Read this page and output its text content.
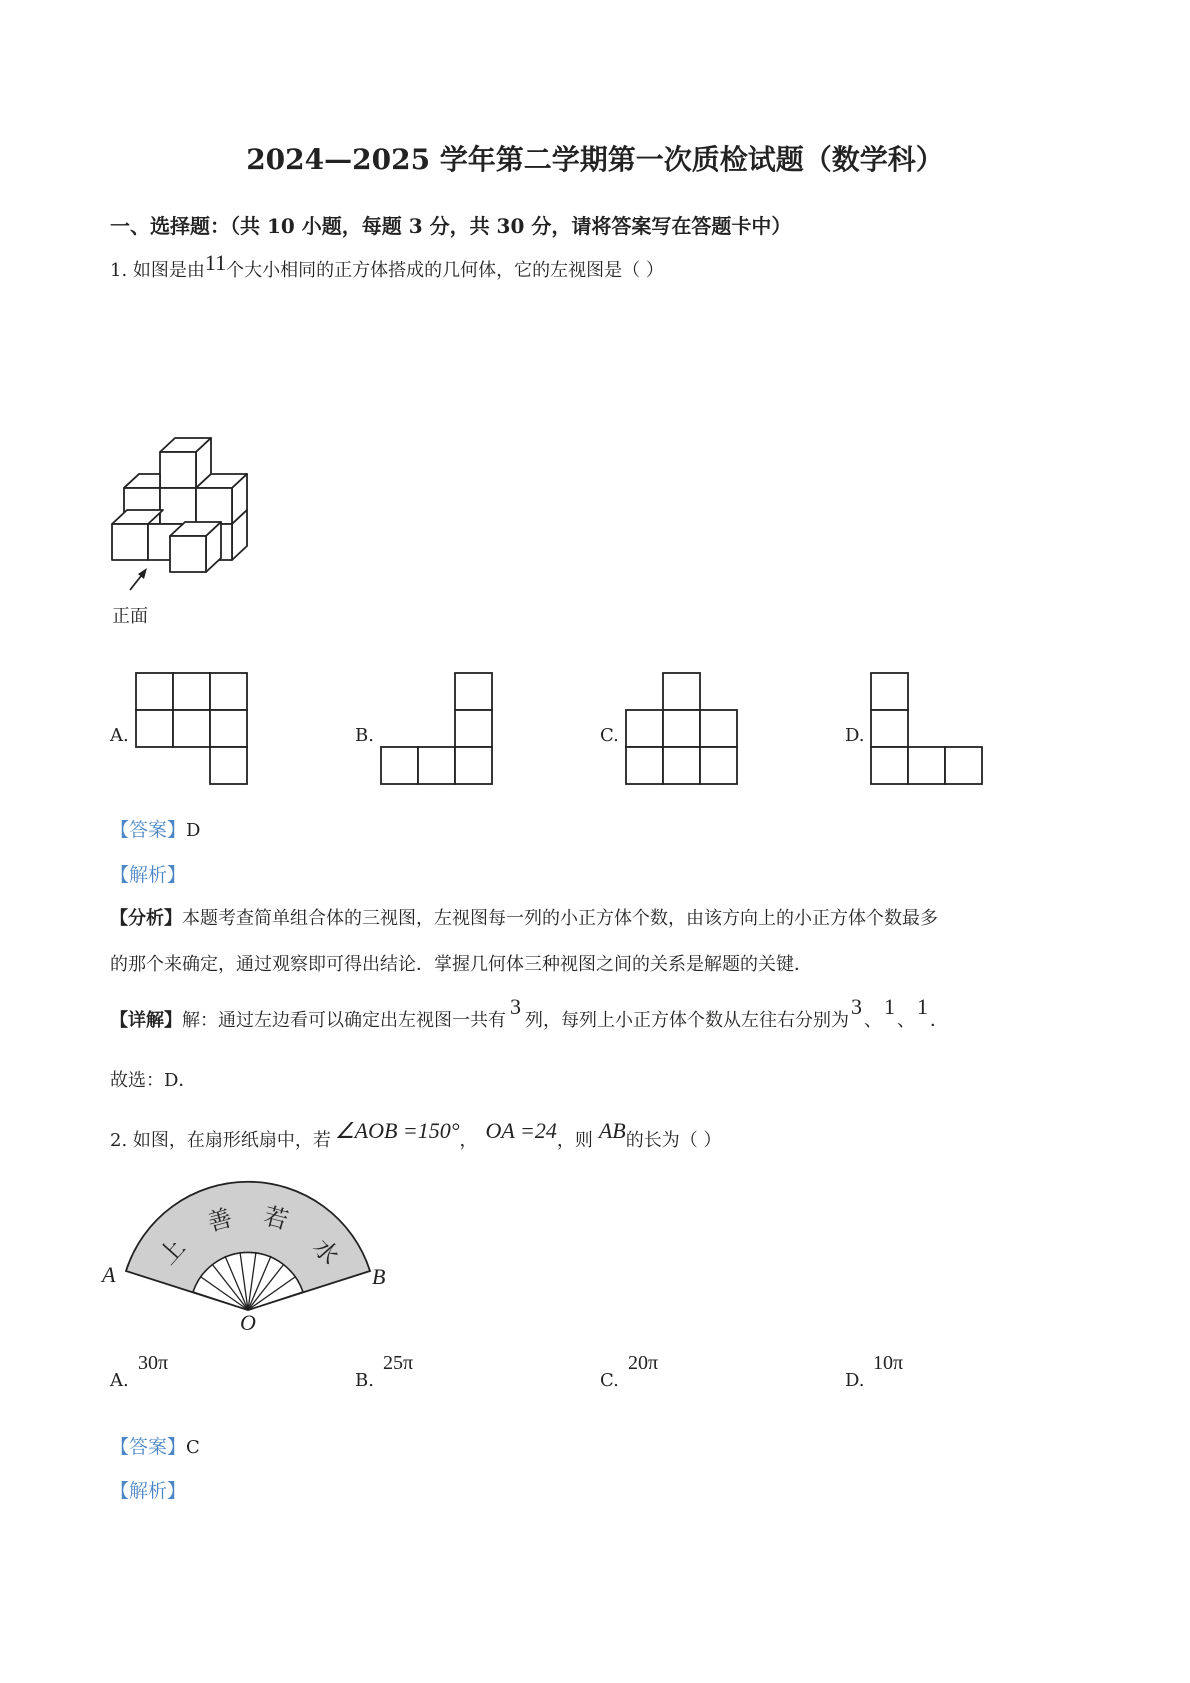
2024—2025 学年第二学期第一次质检试题（数学科）
一、选择题：（共 10 小题，每题 3 分，共 30 分，请将答案写在答题卡中）
1. 如图是由11个大小相同的正方体搭成的几何体，它的左视图是（ ）
正面
A.	B.	C.	D.
【答案】D
【解析】
【分析】本题考查简单组合体的三视图，左视图每一列的小正方体个数，由该方向上的小正方体个数最多
的那个来确定，通过观察即可得出结论．掌握几何体三种视图之间的关系是解题的关键．
【详解】解：通过左边看可以确定出左视图一共有3列，每列上小正方体个数从左往右分别为3、1、1．
故选：D．
2. 如图，在扇形纸扇中，若 ∠AOB =150°， OA =24，则 AB的长为（ ）
上
善 若
水
A	B
O
A.
30π
B.
25π
C.
20π
D.
10π
【答案】C
【解析】
